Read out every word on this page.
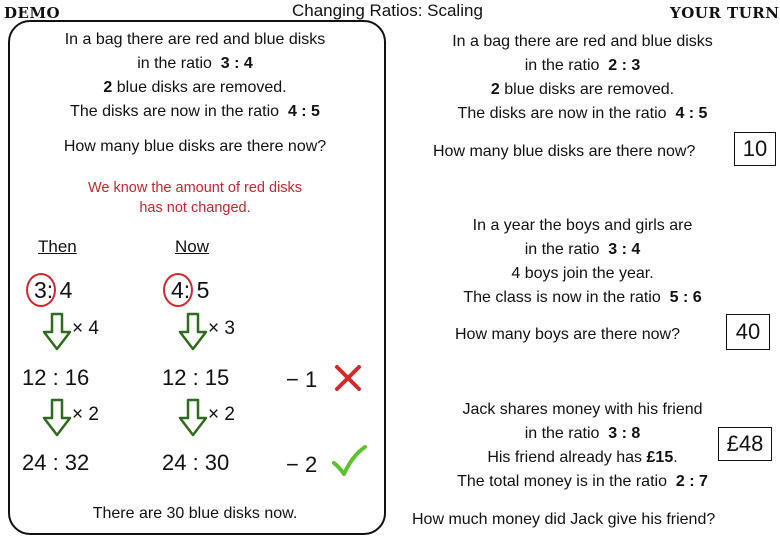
DEMO	Changing Ratios: Scaling	YOUR TURN
In a bag there are red and blue disks
in the ratio 3 : 4
2 blue disks are removed.
The disks are now in the ratio 4 : 5
How many blue disks are there now?
We know the amount of red disks
has not changed.
Then	Now
3: 4	4: 5
× 4	× 3
12 : 16	12 : 15	− 1
× 2	× 2
24 : 32	24 : 30	− 2
There are 30 blue disks now.
In a bag there are red and blue disks
in the ratio 2 : 3
2 blue disks are removed.
The disks are now in the ratio 4 : 5
How many blue disks are there now?	10
In a year the boys and girls are
in the ratio 3 : 4
4 boys join the year.
The class is now in the ratio 5 : 6
How many boys are there now?	40
Jack shares money with his friend
in the ratio 3 : 8
His friend already has £15.
The total money is in the ratio 2 : 7
£48
How much money did Jack give his friend?
